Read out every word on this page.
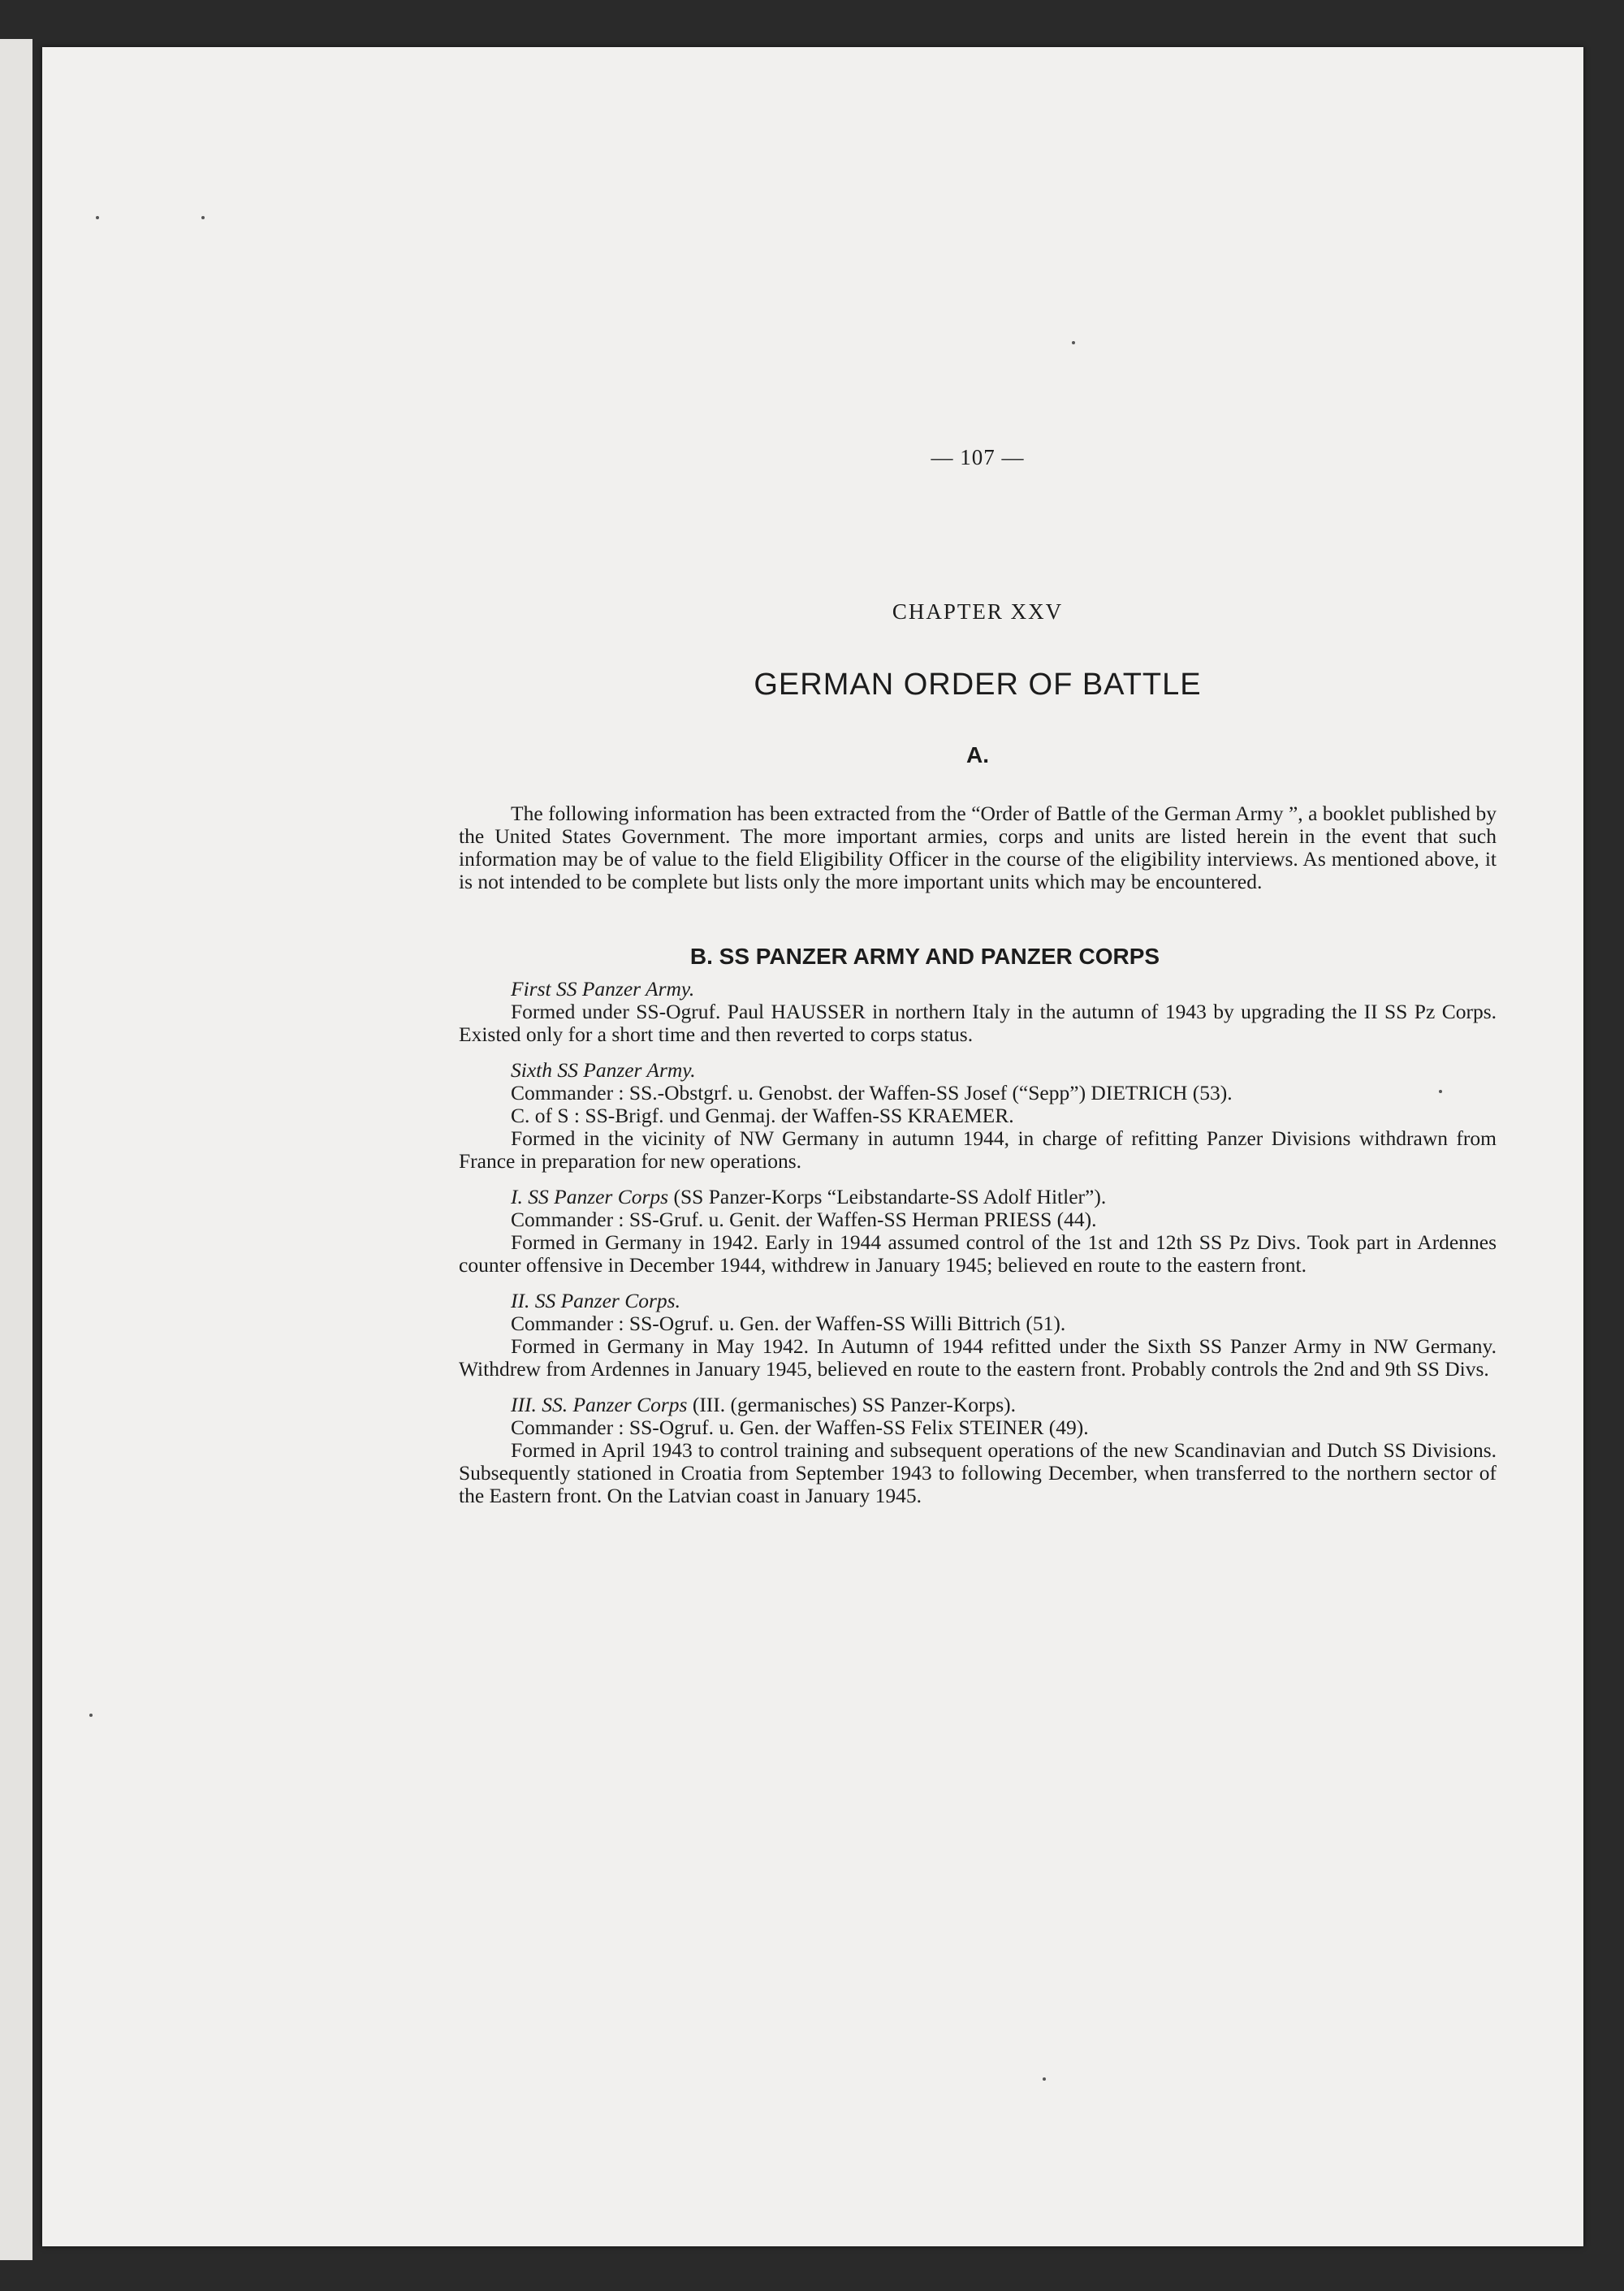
— 107 —
CHAPTER XXV
GERMAN ORDER OF BATTLE
A.

The following information has been extracted from the “Order of Battle of the German Army ”, a booklet published by the United States Government. The more important armies, corps and units are listed herein in the event that such information may be of value to the field Eligibility Officer in the course of the eligibility interviews. As mentioned above, it is not intended to be complete but lists only the more important units which may be encountered.

B. SS PANZER ARMY AND PANZER CORPS
First SS Panzer Army.
Formed under SS-Ogruf. Paul HAUSSER in northern Italy in the autumn of 1943 by upgrading the II SS Pz Corps. Existed only for a short time and then reverted to corps status.
Sixth SS Panzer Army.
Commander : SS.-Obstgrf. u. Genobst. der Waffen-SS Josef (“Sepp”) DIETRICH (53).
C. of S : SS-Brigf. und Genmaj. der Waffen-SS KRAEMER.
Formed in the vicinity of NW Germany in autumn 1944, in charge of refitting Panzer Divisions withdrawn from France in preparation for new operations.
I. SS Panzer Corps (SS Panzer-Korps “Leibstandarte-SS Adolf Hitler”).
Commander : SS-Gruf. u. Genit. der Waffen-SS Herman PRIESS (44).
Formed in Germany in 1942. Early in 1944 assumed control of the 1st and 12th SS Pz Divs. Took part in Ardennes counter offensive in December 1944, withdrew in January 1945; believed en route to the eastern front.
II. SS Panzer Corps.
Commander : SS-Ogruf. u. Gen. der Waffen-SS Willi Bittrich (51).
Formed in Germany in May 1942. In Autumn of 1944 refitted under the Sixth SS Panzer Army in NW Germany. Withdrew from Ardennes in January 1945, believed en route to the eastern front. Probably controls the 2nd and 9th SS Divs.
III. SS. Panzer Corps (III. (germanisches) SS Panzer-Korps).
Commander : SS-Ogruf. u. Gen. der Waffen-SS Felix STEINER (49).
Formed in April 1943 to control training and subsequent operations of the new Scandinavian and Dutch SS Divisions. Subsequently stationed in Croatia from September 1943 to following December, when transferred to the northern sector of the Eastern front. On the Latvian coast in January 1945.
